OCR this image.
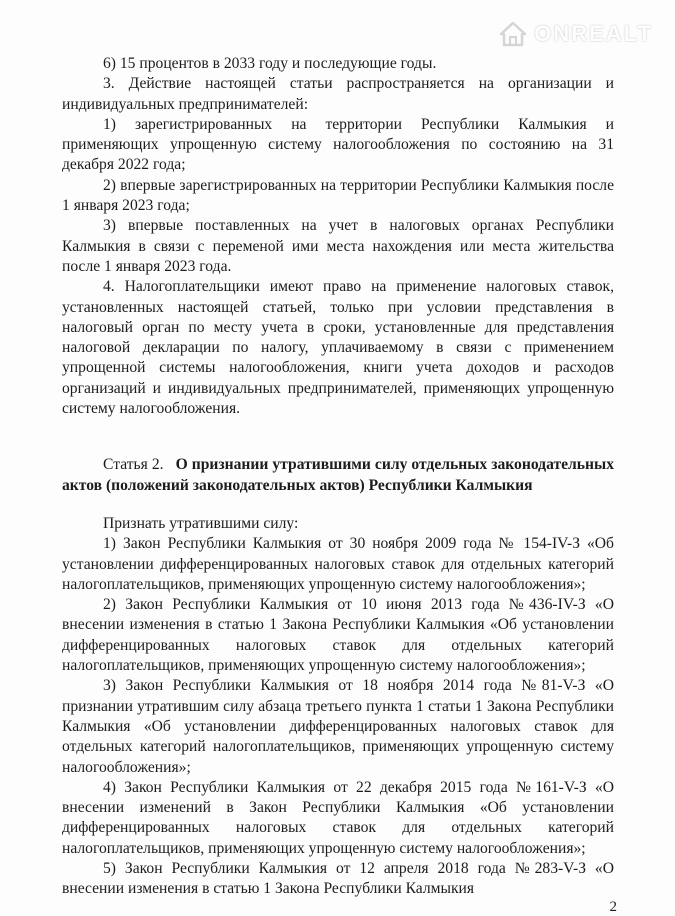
ONREALT

6) 15 процентов в 2033 году и последующие годы.

3. Действие настоящей статьи распространяется на организации и индивидуальных предпринимателей:

1) зарегистрированных на территории Республики Калмыкия и применяющих упрощенную систему налогообложения по состоянию на 31 декабря 2022 года;

2) впервые зарегистрированных на территории Республики Калмыкия после 1 января 2023 года;

3) впервые поставленных на учет в налоговых органах Республики Калмыкия в связи с переменой ими места нахождения или места жительства после 1 января 2023 года.

4. Налогоплательщики имеют право на применение налоговых ставок, установленных настоящей статьей, только при условии представления в налоговый орган по месту учета в сроки, установленные для представления налоговой декларации по налогу, уплачиваемому в связи с применением упрощенной системы налогообложения, книги учета доходов и расходов организаций и индивидуальных предпринимателей, применяющих упрощенную систему налогообложения.

Статья 2. О признании утратившими силу отдельных законодательных актов (положений законодательных актов) Республики Калмыкия

Признать утратившими силу:

1) Закон Республики Калмыкия от 30 ноября 2009 года № 154-IV-З «Об установлении дифференцированных налоговых ставок для отдельных категорий налогоплательщиков, применяющих упрощенную систему налогообложения»;

2) Закон Республики Калмыкия от 10 июня 2013 года №436-IV-З «О внесении изменения в статью 1 Закона Республики Калмыкия «Об установлении дифференцированных налоговых ставок для отдельных категорий налогоплательщиков, применяющих упрощенную систему налогообложения»;

3) Закон Республики Калмыкия от 18 ноября 2014 года №81-V-З «О признании утратившим силу абзаца третьего пункта 1 статьи 1 Закона Республики Калмыкия «Об установлении дифференцированных налоговых ставок для отдельных категорий налогоплательщиков, применяющих упрощенную систему налогообложения»;

4) Закон Республики Калмыкия от 22 декабря 2015 года №161-V-З «О внесении изменений в Закон Республики Калмыкия «Об установлении дифференцированных налоговых ставок для отдельных категорий налогоплательщиков, применяющих упрощенную систему налогообложения»;

5) Закон Республики Калмыкия от 12 апреля 2018 года №283-V-З «О внесении изменения в статью 1 Закона Республики Калмыкия

2
